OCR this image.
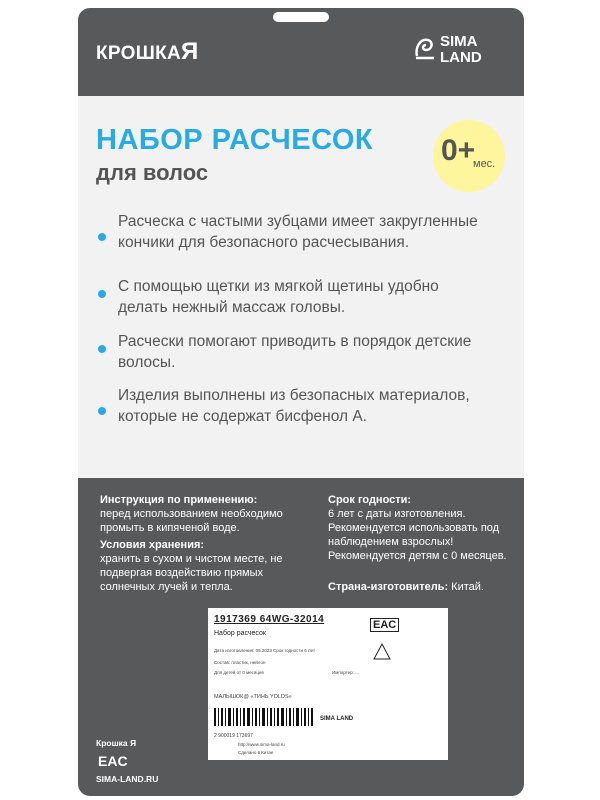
КРОШКАЯ	SIMA
LAND
НАБОР РАСЧЕСОК
для волос
0+
мес.
Расческа с частыми зубцами имеет закругленные кончики для безопасного расчесывания.
С помощью щетки из мягкой щетины удобно делать нежный массаж головы.
Расчески помогают приводить в порядок детские волосы.
Изделия выполнены из безопасных материалов, которые не содержат бисфенол А.
Инструкция по применению:
перед использованием необходимо промыть в кипяченой воде.
Условия хранения:
хранить в сухом и чистом месте, не подвергая воздействию прямых солнечных лучей и тепла.
Срок годности:
6 лет с даты изготовления. Рекомендуется использовать под наблюдением взрослых! Рекомендуется детям с 0 месяцев.
Страна-изготовитель: Китай.
1917369 64WG-32014
Набор расчесок
EAC
Дата изготовления: 05.2023 Срок годности 6 лет
Состав: пластик, нейлон
Для детей от 0 месяцев	Импортер: ...
МАЛЫШОК@ «ТИНЬ YOLDS»
2 900019 173697
SIMA LAND
http://www.sima-land.ru
Сделано в Китае
Крошка Я
EAC
SIMA-LAND.RU
